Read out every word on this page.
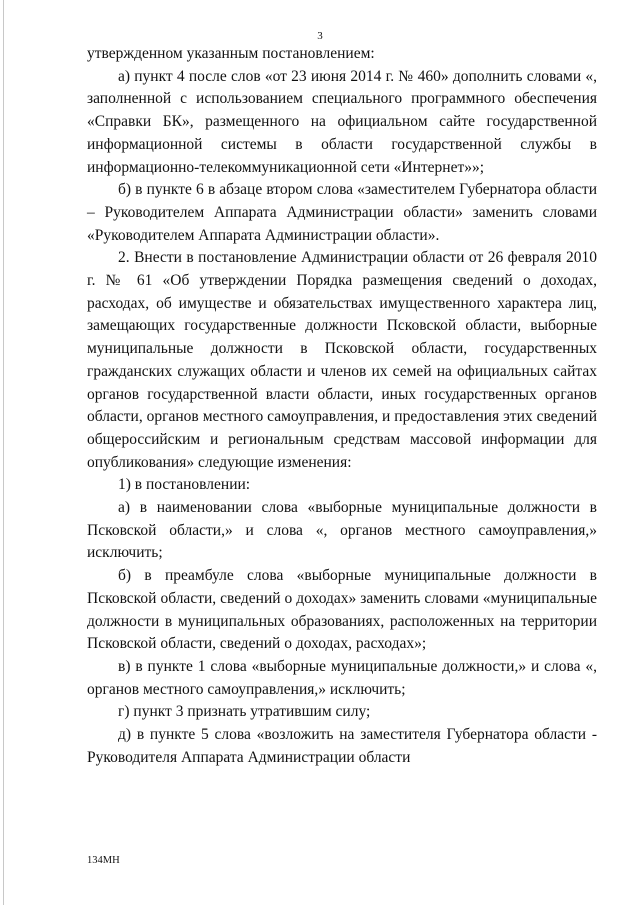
3

утвержденном указанным постановлением:

а) пункт 4 после слов «от 23 июня 2014 г. № 460» дополнить словами «, заполненной с использованием специального программного обеспечения «Справки БК», размещенного на официальном сайте государственной информационной системы в области государственной службы в информационно-телекоммуникационной сети «Интернет»»;

б) в пункте 6 в абзаце втором слова «заместителем Губернатора области – Руководителем Аппарата Администрации области» заменить словами «Руководителем Аппарата Администрации области».

2. Внести в постановление Администрации области от 26 февраля 2010 г. № 61 «Об утверждении Порядка размещения сведений о доходах, расходах, об имуществе и обязательствах имущественного характера лиц, замещающих государственные должности Псковской области, выборные муниципальные должности в Псковской области, государственных гражданских служащих области и членов их семей на официальных сайтах органов государственной власти области, иных государственных органов области, органов местного самоуправления, и предоставления этих сведений общероссийским и региональным средствам массовой информации для опубликования» следующие изменения:

1) в постановлении:

а) в наименовании слова «выборные муниципальные должности в Псковской области,» и слова «, органов местного самоуправления,» исключить;

б) в преамбуле слова «выборные муниципальные должности в Псковской области, сведений о доходах» заменить словами «муниципальные должности в муниципальных образованиях, расположенных на территории Псковской области, сведений о доходах, расходах»;

в) в пункте 1 слова «выборные муниципальные должности,» и слова «, органов местного самоуправления,» исключить;

г) пункт 3 признать утратившим силу;

д) в пункте 5 слова «возложить на заместителя Губернатора области - Руководителя Аппарата Администрации области

134МН
